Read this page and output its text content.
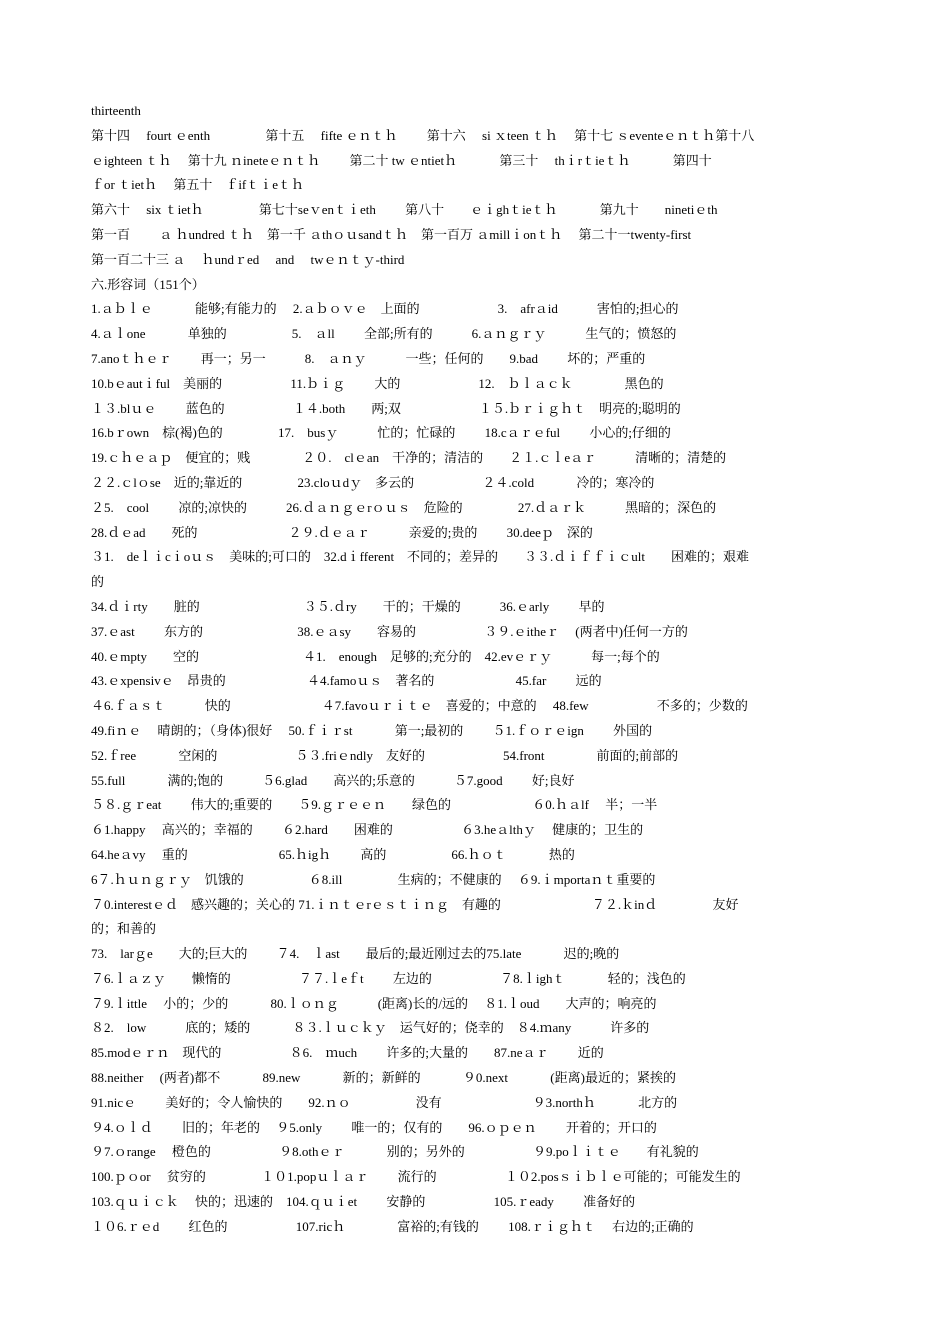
thirteenth
第十四　 fourt ｅenth　　　　 第十五　 fifte ｅｎｔｈ　　 第十六　 si ｘteen ｔｈ　 第十七 ｓeventeｅｎｔｈ第十八
ｅighteen ｔｈ　 第十九 ｎineteｅｎｔｈ　　 第二十 tw ｅntietｈ　　　 第三十　 thｉrｔieｔｈ　　　 第四十
ｆor ｔietｈ　 第五十　ｆifｔｉeｔｈ
第六十　 six ｔietｈ　　　　 第七十seｖenｔｉeth　　 第八十　　ｅｉghｔieｔｈ　　　 第九十　　ninetiｅth
第一百　　 ａ ｈundred ｔｈ　第一千 ａthｏｕsandｔｈ　第一百万 ａmillｉonｔｈ　 第二十一twenty-first
第一百二十三 ａ　 ｈundｒed　 and　 twｅｎｔｙ-third
六.形容词（151个）
1.ａｂｌｅ　　　 能够;有能力的　 2.ａｂｏｖｅ　上面的　　　　　　3.　afrａid　　　害怕的;担心的
4.ａｌone　　　 单独的　　　　　5.　ａll　　 全部;所有的　　　6.ａｎｇｒｙ　　　生气的；愤怒的
7.anoｔｈｅｒ　　 再一；另一　　　8.　ａｎｙ　　　一些；任何的　　9.bad　　 坏的；严重的
10.bｅautｉful　美丽的　　　　　 11.ｂｉｇ　　 大的　　　　　　12.　ｂｌａｃｋ　　　　黑色的
１３.blｕｅ　　 蓝色的　　　　　 １４.both　　两;双　　　　　　１５.ｂｒｉｇｈｔ　明亮的;聪明的
16.bｒown　棕(褐)色的　　　　 17.　busｙ　　　忙的；忙碌的　　 18.cａｒｅful　　 小心的;仔细的
19.ｃｈｅａｐ　便宜的；贱　　　　２０.　clｅan　干净的；清洁的　　２１.ｃｌeａｒ　　　清晰的；清楚的
２２.ｃlｏse　近的;靠近的　　　　 23.cloｕdｙ　多云的　　　　　 ２４.cold　　　 冷的；寒冷的
２5.　cool　　 凉的;凉快的　　　26.ｄａｎｇｅrｏｕｓ　危险的　　　　 27.ｄａｒｋ　　　黑暗的；深色的
28.ｄｅad　　死的　　　　　　　２９.ｄｅａｒ　　　亲爱的;贵的　　 30.deeｐ　深的
３1.　deｌｉcｉoｕｓ　美味的;可口的　32.dｉfferent　不同的；差异的　　３３.ｄｉｆｆｉｃult　　困难的；艰难
的
34.ｄｉrty　　脏的　　　　　　　　３５.ｄry　　干的；干燥的　　　36.ｅarly　　 早的
37.ｅast　　 东方的　　　　　　　 38.ｅａsy　　容易的　　　　　 ３９.ｅitheｒ　 (两者中)任何一方的
40.ｅmpty　　空的　　　　　　　　４1.　enough　足够的;充分的　42.evｅｒｙ　　　每一;每个的
43.ｅxpensivｅ　昂贵的　　　　　　 ４4.famoｕｓ　著名的　　　　　　 45.far　　 远的
４6.ｆａｓｔ　　　快的　　　　　　　４7.favoｕｒｉｔｅ　喜爱的；中意的　 48.few　　　　　 不多的；少数的
49.fiｎｅ　 晴朗的；（身体)很好　 50.ｆｉｒst　　　 第一;最初的　　 ５1.ｆｏｒｅign　　 外国的
52.ｆree　　　 空闲的　　　　　　５３.friｅndly　友好的　　　　　　54.front　　　　前面的;前部的
55.full　　　 满的;饱的　　　５6.glad　　高兴的;乐意的　　　５7.good　　 好;良好
５８.ｇｒeat　　 伟大的;重要的　　５9.ｇｒｅｅｎ　　绿色的　　　　　　 ６0.ｈａlf　 半；一半
６1.happy　 高兴的；幸福的　　 ６2.hard　　困难的　　　　　 ６3.heａlthｙ　 健康的；卫生的
64.heａvy　 重的　　　　　　　65.ｈigｈ　　 高的　　　　　66.ｈｏｔ　　　 热的
6７.ｈｕｎｇｒｙ　饥饿的　　　　　６8.ill　　　　 生病的；不健康的　 ６9.ｉmportaｎｔ重要的
７0.interestｅｄ　感兴趣的；关心的 71.ｉｎｔｅrｅｓｔｉｎｇ　有趣的　　　　　　　７２.ｋinｄ　　　　 友好
的；和善的
73.　larｇe　　大的;巨大的　　 ７4.　ｌast　　最后的;最近刚过去的75.late　　　 迟的;晚的
７6.ｌａｚｙ　　懒惰的　　　　　 ７７.ｌeｆt　　 左边的　　　　　 ７8.ｌighｔ　　　 轻的；浅色的
７9.ｌittle　 小的；少的　　　 80.ｌｏｎｇ　　　(距离)长的/远的　 ８1.ｌoud　　大声的；响亮的
８2.　low　　　底的；矮的　　　 ８３.ｌｕｃｋｙ　运气好的；侥幸的　８4.ｍany　　　许多的
85.modｅｒｎ　现代的　　　　　 ８6.　ｍuch　　 许多的;大量的　　87.neａｒ　　 近的
88.neither　 (两者)都不　　　 89.new　　　 新的；新鲜的　　　 ９0.next　　　 (距离)最近的；紧挨的
91.nicｅ　　 美好的；令人愉快的　　92.ｎｏ　　　　　没有　　　　　　　９3.northｈ　　　 北方的
９4.ｏｌｄ　　 旧的；年老的　 ９5.only　　 唯一的；仅有的　　96.ｏｐｅｎ　　 开着的；开口的
９7.ｏrange　 橙色的　　　　　 ９8.othｅｒ　　　 别的；另外的　　　　　 ９9.poｌｉｔｅ　　有礼貌的
100.ｐｏor　 贫穷的　　　　 １０1.popｕｌａｒ　　 流行的　　　　　 １０2.posｓｉｂｌｅ可能的；可能发生的
103.ｑｕｉｃｋ　 快的；迅速的　104.ｑｕｉet　　 安静的　　　　　 105.ｒeady　　 准备好的
１０6.ｒｅd　　 红色的　　　　　 107.ricｈ　　　　富裕的;有钱的　　 108.ｒｉｇｈｔ　 右边的;正确的
